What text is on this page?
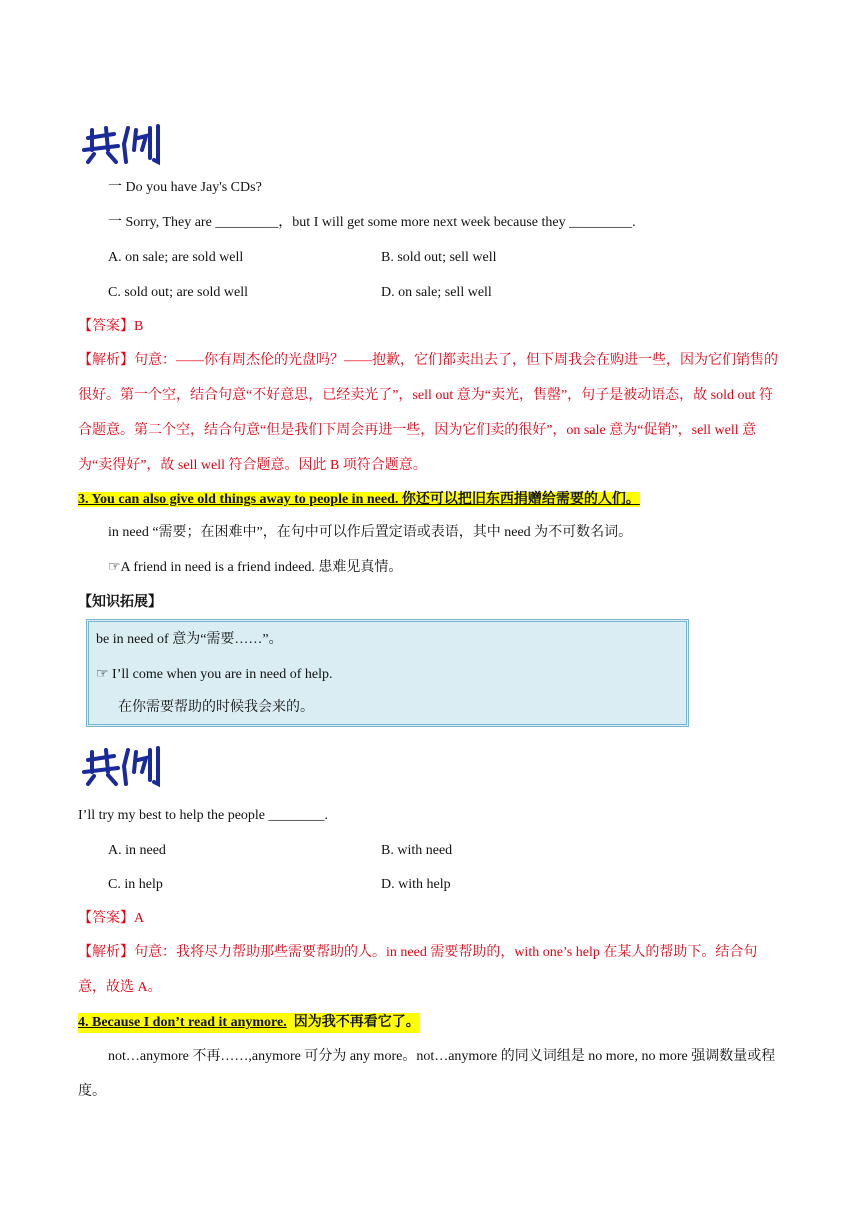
一 Do you have Jay's CDs?
一 Sorry, They are _________，but I will get some more next week because they _________.
A. on sale; are sold well	B. sold out; sell well
C. sold out; are sold well	D. on sale; sell well
【答案】B
【解析】句意：——你有周杰伦的光盘吗？——抱歉，它们都卖出去了，但下周我会在购进一些，因为它们销售的很好。第一个空，结合句意“不好意思，已经卖光了”，sell out 意为“卖光，售罄”，句子是被动语态，故 sold out 符合题意。第二个空，结合句意“但是我们下周会再进一些，因为它们卖的很好”，on sale 意为“促销”，sell well 意为“卖得好”，故 sell well 符合题意。因此 B 项符合题意。
3. You can also give old things away to people in need. 你还可以把旧东西捐赠给需要的人们。
in need “需要；在困难中”，在句中可以作后置定语或表语，其中 need 为不可数名词。
☞A friend in need is a friend indeed. 患难见真情。
【知识拓展】
be in need of 意为“需要……”。
☞ I’ll come when you are in need of help.
在你需要帮助的时候我会来的。
I’ll try my best to help the people ________.
A. in need	B. with need
C. in help	D. with help
【答案】A
【解析】句意：我将尽力帮助那些需要帮助的人。in need 需要帮助的，with one’s help 在某人的帮助下。结合句意，故选 A。
4. Because I don’t read it anymore. 因为我不再看它了。
not…anymore 不再……,anymore 可分为 any more。not…anymore 的同义词组是 no more, no more 强调数量或程度。
